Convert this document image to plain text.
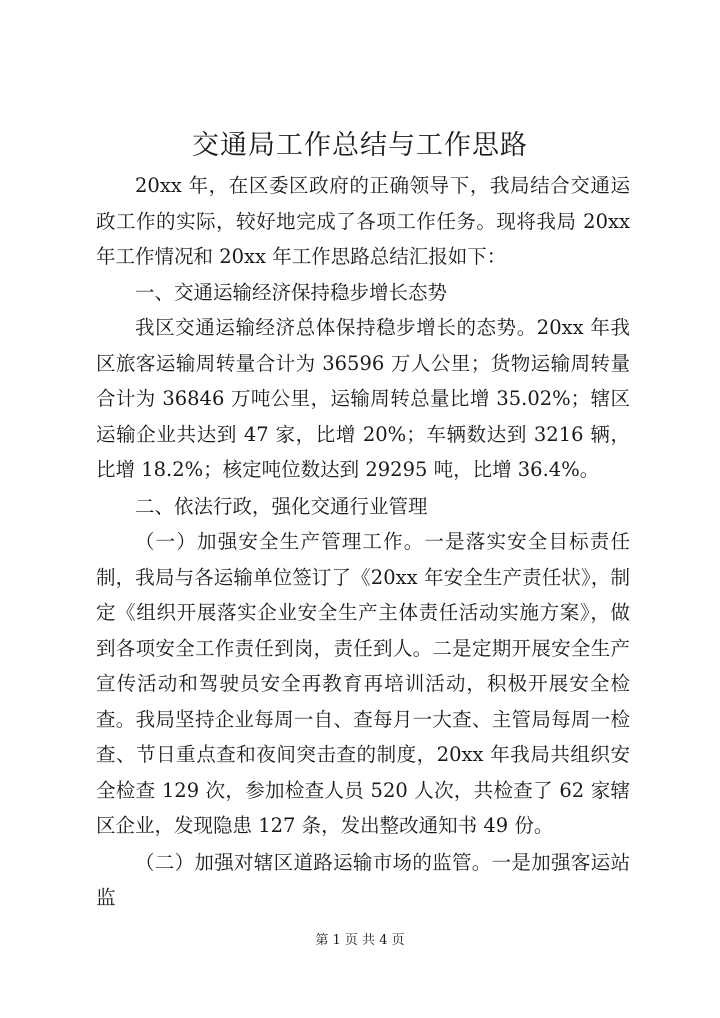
交通局工作总结与工作思路

20xx 年，在区委区政府的正确领导下，我局结合交通运政工作的实际，较好地完成了各项工作任务。现将我局 20xx 年工作情况和 20xx 年工作思路总结汇报如下：

一、交通运输经济保持稳步增长态势

我区交通运输经济总体保持稳步增长的态势。20xx 年我区旅客运输周转量合计为 36596 万人公里；货物运输周转量合计为 36846 万吨公里，运输周转总量比增 35.02%；辖区运输企业共达到 47 家，比增 20%；车辆数达到 3216 辆，比增 18.2%；核定吨位数达到 29295 吨，比增 36.4%。

二、依法行政，强化交通行业管理

（一）加强安全生产管理工作。一是落实安全目标责任制，我局与各运输单位签订了《20xx 年安全生产责任状》，制定《组织开展落实企业安全生产主体责任活动实施方案》，做到各项安全工作责任到岗，责任到人。二是定期开展安全生产宣传活动和驾驶员安全再教育再培训活动，积极开展安全检查。我局坚持企业每周一自、查每月一大查、主管局每周一检查、节日重点查和夜间突击查的制度，20xx 年我局共组织安全检查 129 次，参加检查人员 520 人次，共检查了 62 家辖区企业，发现隐患 127 条，发出整改通知书 49 份。

（二）加强对辖区道路运输市场的监管。一是加强客运站监

第 1 页 共 4 页
